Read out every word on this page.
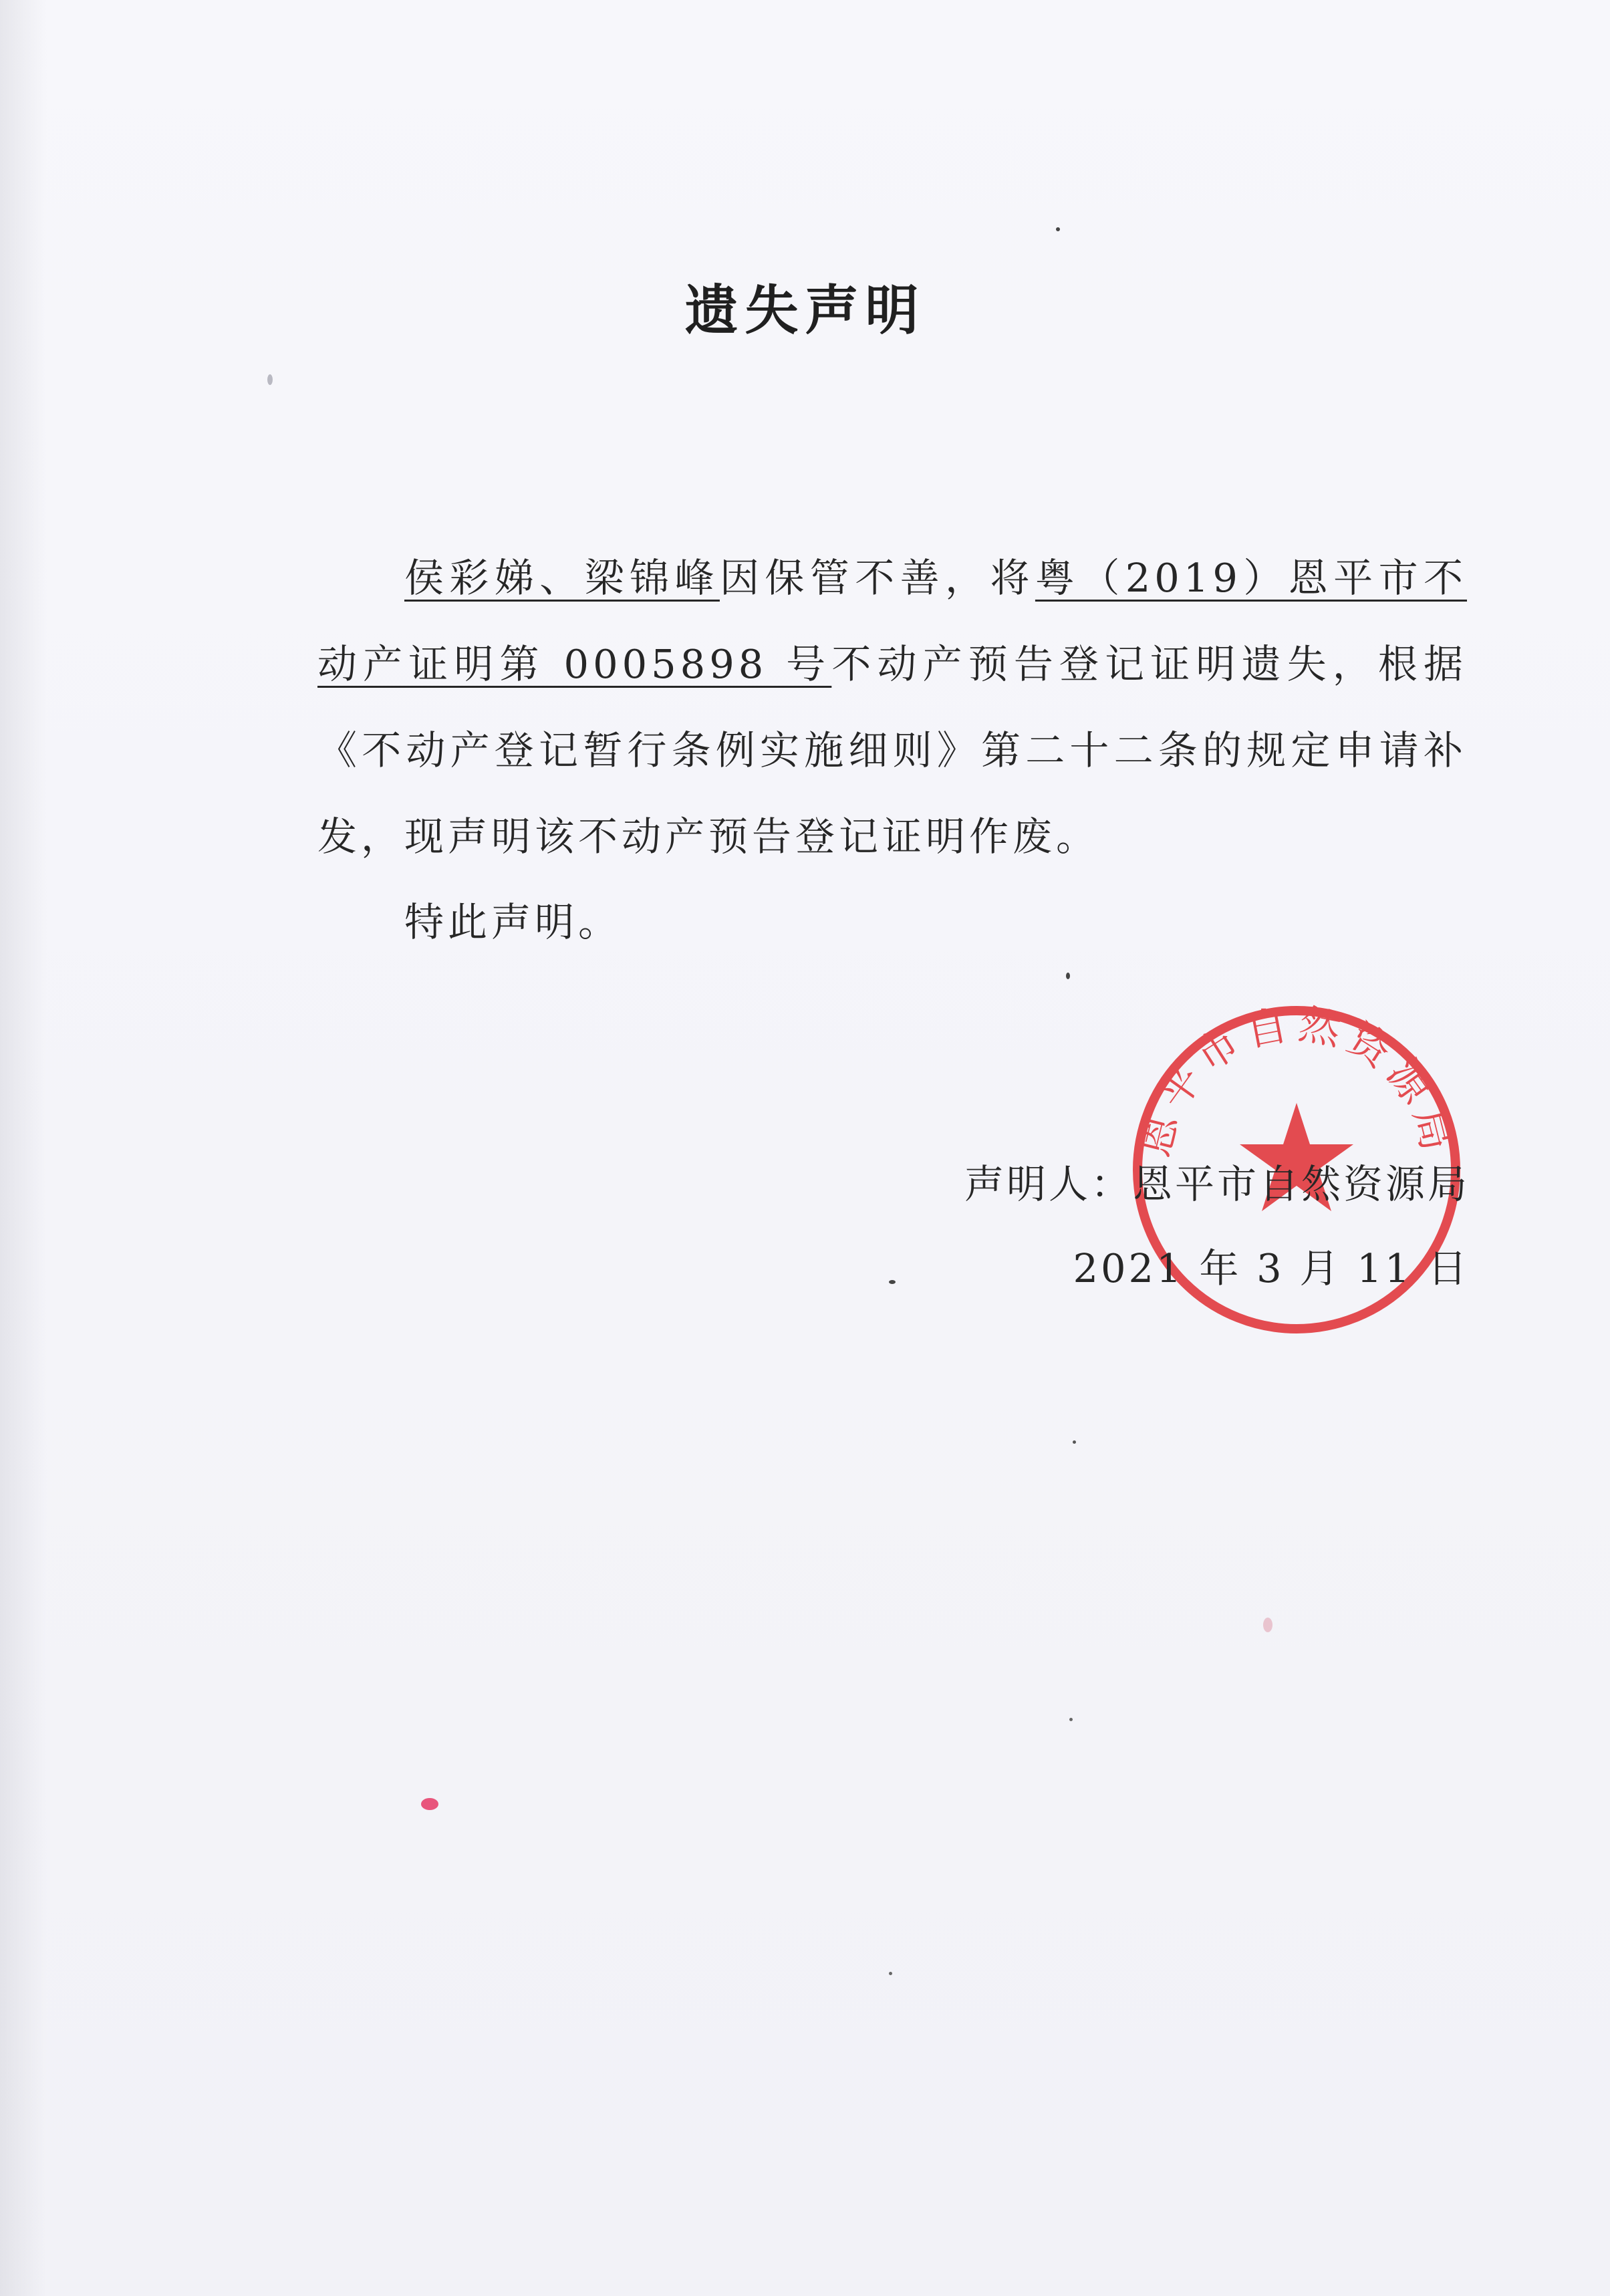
遗失声明

侯彩娣、梁锦峰因保管不善，将粤（2019）恩平市不动产证明第 0005898 号不动产预告登记证明遗失，根据《不动产登记暂行条例实施细则》第二十二条的规定申请补发，现声明该不动产预告登记证明作废。

特此声明。

恩平市自然资源局
声明人：恩平市自然资源局
2021 年 3 月 11 日
